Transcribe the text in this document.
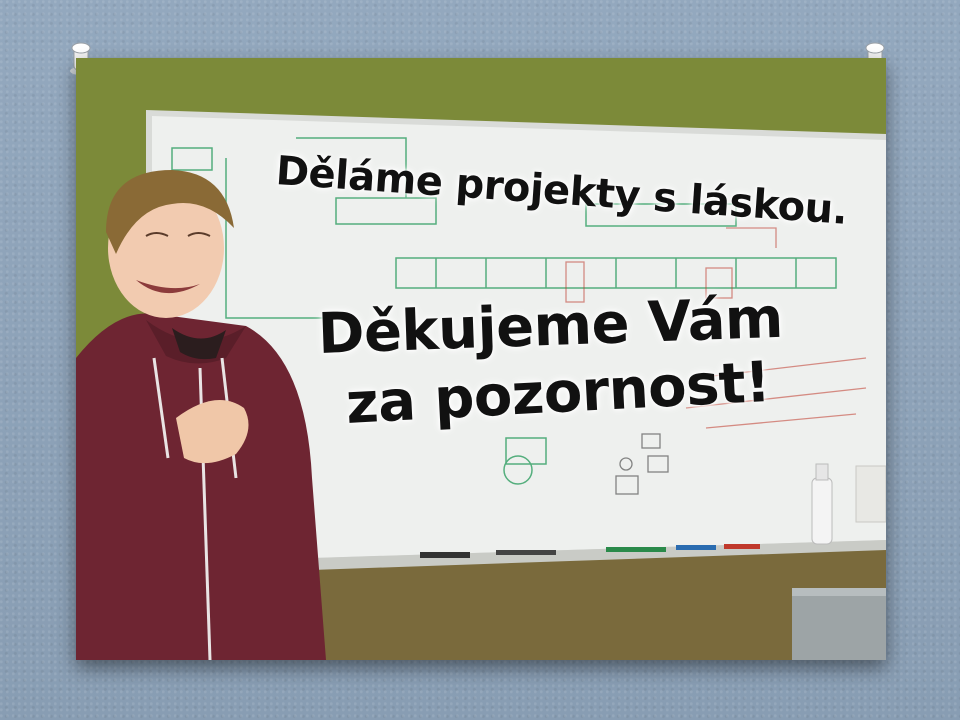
Děláme projekty s láskou.
Děkujeme Vám
za pozornost!
